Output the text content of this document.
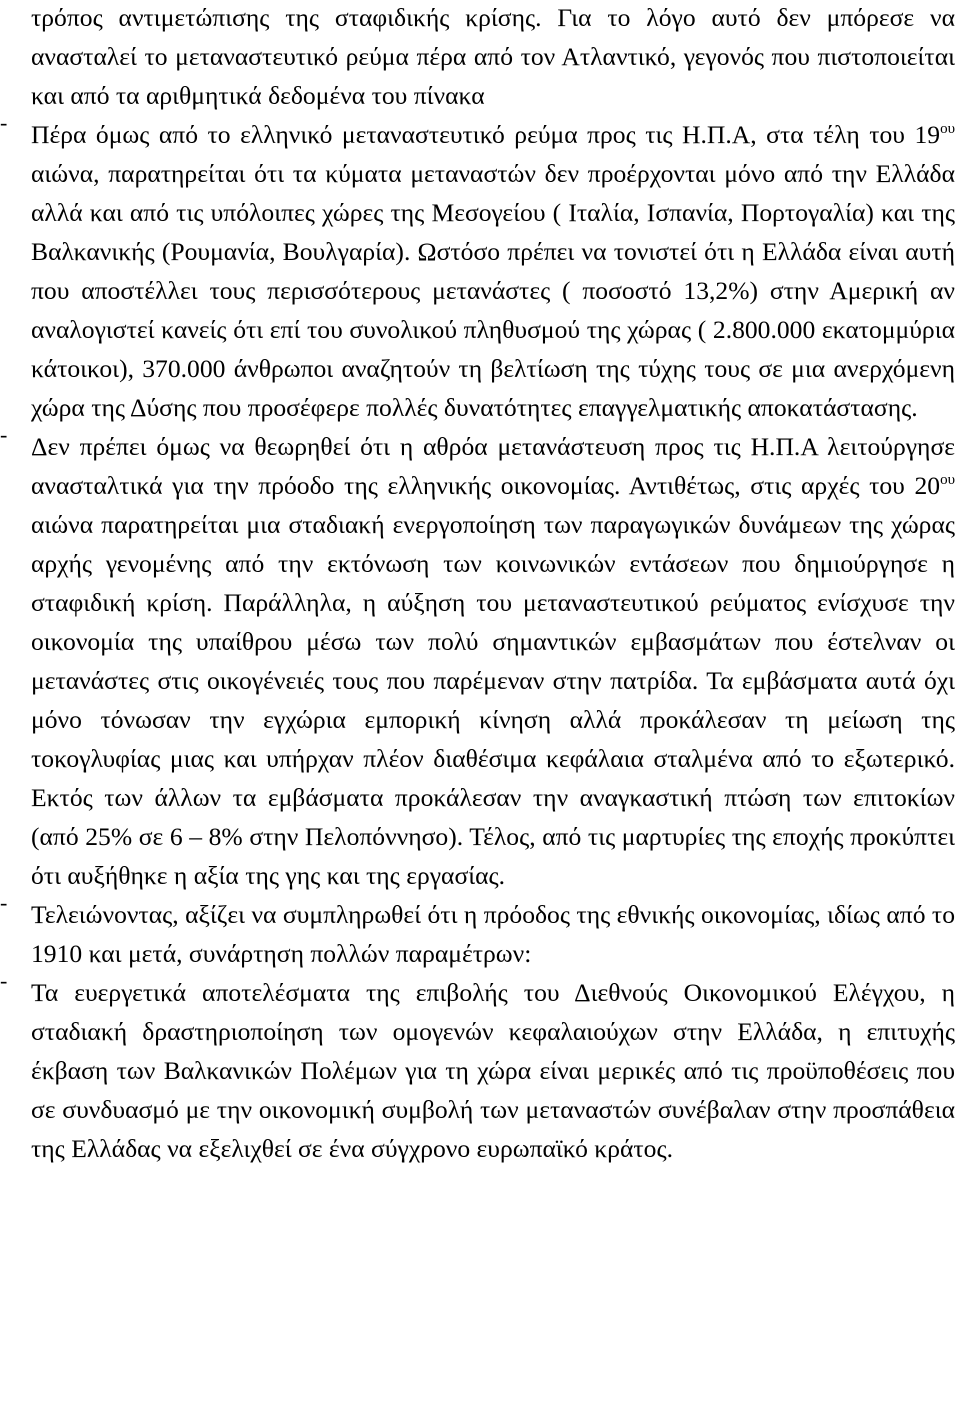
τρόπος αντιμετώπισης της σταφιδικής κρίσης. Για το λόγο αυτό δεν μπόρεσε να ανασταλεί το μεταναστευτικό ρεύμα πέρα από τον Ατλαντικό, γεγονός που πιστοποιείται και από τα αριθμητικά δεδομένα του πίνακα

- Πέρα όμως από το ελληνικό μεταναστευτικό ρεύμα προς τις Η.Π.Α, στα τέλη του $19^{o\upsilon}$ αιώνα, παρατηρείται ότι τα κύματα μεταναστών δεν προέρχονται μόνο από την Ελλάδα αλλά και από τις υπόλοιπες χώρες της Μεσογείου ( Ιταλία, Ισπανία, Πορτογαλία) και της Βαλκανικής (Ρουμανία, Βουλγαρία). Ωστόσο πρέπει να τονιστεί ότι η Ελλάδα είναι αυτή που αποστέλλει τους περισσότερους μετανάστες ( ποσοστό 13,2%) στην Αμερική αν αναλογιστεί κανείς ότι επί του συνολικού πληθυσμού της χώρας ( 2.800.000 εκατομμύρια κάτοικοι), 370.000 άνθρωποι αναζητούν τη βελτίωση της τύχης τους σε μια ανερχόμενη χώρα της Δύσης που προσέφερε πολλές δυνατότητες επαγγελματικής αποκατάστασης.

- Δεν πρέπει όμως να θεωρηθεί ότι η αθρόα μετανάστευση προς τις Η.Π.Α λειτούργησε ανασταλτικά για την πρόοδο της ελληνικής οικονομίας. Αντιθέτως, στις αρχές του $20^{o\upsilon}$ αιώνα παρατηρείται μια σταδιακή ενεργοποίηση των παραγωγικών δυνάμεων της χώρας αρχής γενομένης από την εκτόνωση των κοινωνικών εντάσεων που δημιούργησε η σταφιδική κρίση. Παράλληλα, η αύξηση του μεταναστευτικού ρεύματος ενίσχυσε την οικονομία της υπαίθρου μέσω των πολύ σημαντικών εμβασμάτων που έστελναν οι μετανάστες στις οικογένειές τους που παρέμεναν στην πατρίδα. Τα εμβάσματα αυτά όχι μόνο τόνωσαν την εγχώρια εμπορική κίνηση αλλά προκάλεσαν τη μείωση της τοκογλυφίας μιας και υπήρχαν πλέον διαθέσιμα κεφάλαια σταλμένα από το εξωτερικό. Εκτός των άλλων τα εμβάσματα προκάλεσαν την αναγκαστική πτώση των επιτοκίων (από 25% σε 6 – 8% στην Πελοπόννησο). Τέλος, από τις μαρτυρίες της εποχής προκύπτει ότι αυξήθηκε η αξία της γης και της εργασίας.

- Τελειώνοντας, αξίζει να συμπληρωθεί ότι η πρόοδος της εθνικής οικονομίας, ιδίως από το 1910 και μετά, συνάρτηση πολλών παραμέτρων:

- Τα ευεργετικά αποτελέσματα της επιβολής του Διεθνούς Οικονομικού Ελέγχου, η σταδιακή δραστηριοποίηση των ομογενών κεφαλαιούχων στην Ελλάδα, η επιτυχής έκβαση των Βαλκανικών Πολέμων για τη χώρα είναι μερικές από τις προϋποθέσεις που σε συνδυασμό με την οικονομική συμβολή των μεταναστών συνέβαλαν στην προσπάθεια της Ελλάδας να εξελιχθεί σε ένα σύγχρονο ευρωπαϊκό κράτος.
